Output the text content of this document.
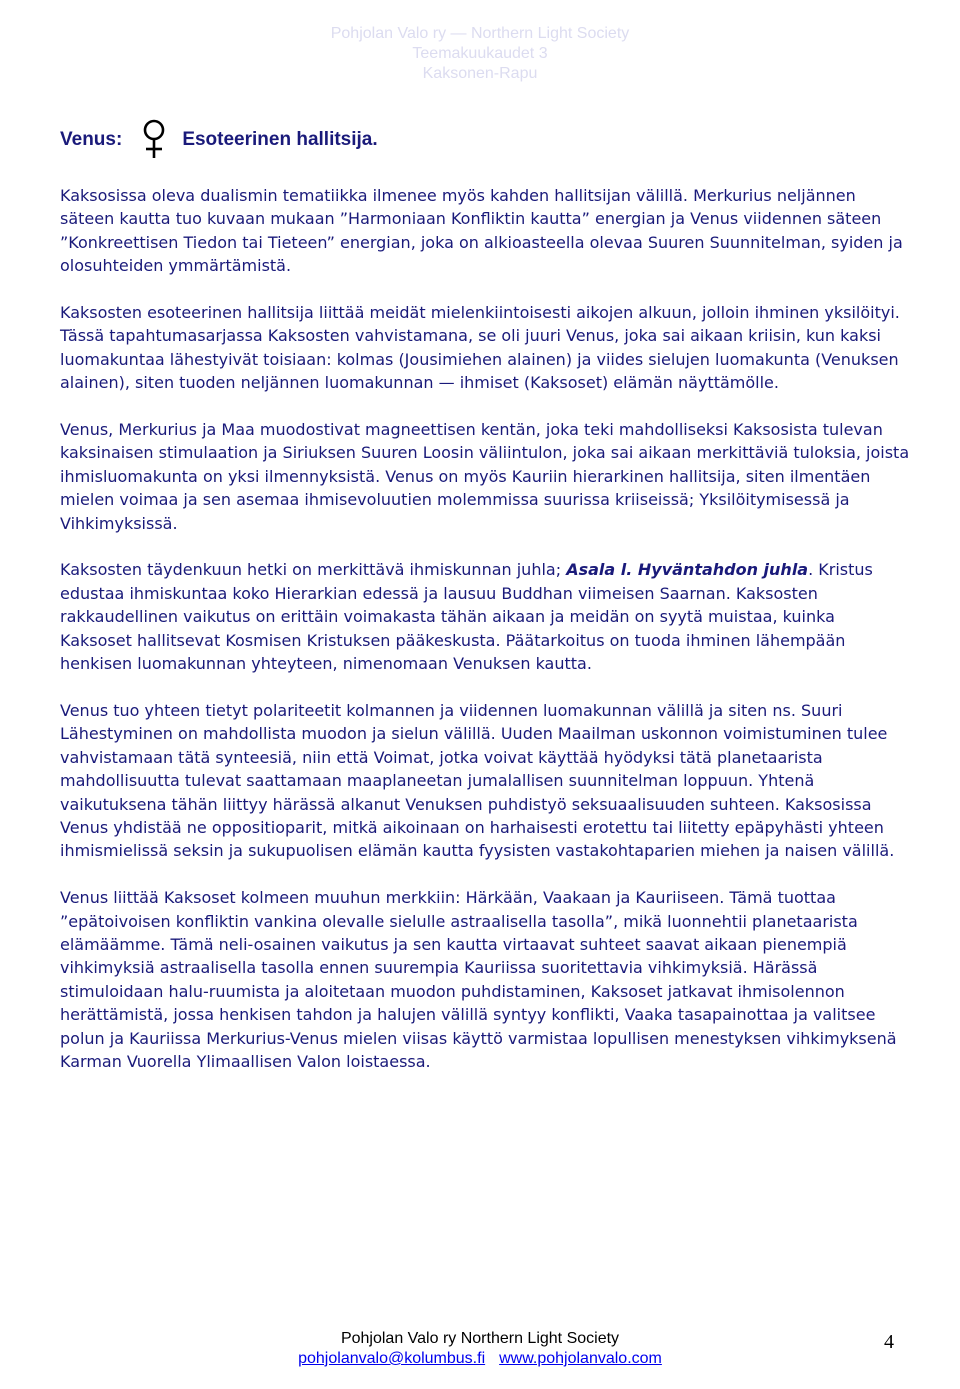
Pohjolan Valo ry — Northern Light Society
Teemakuukaudet 3
Kaksonen-Rapu
Venus:	Esoteerinen hallitsija.

Kaksosissa oleva dualismin tematiikka ilmenee myös kahden hallitsijan välillä. Merkurius neljännen säteen kautta tuo kuvaan mukaan ”Harmoniaan Konfliktin kautta” energian ja Venus viidennen säteen ”Konkreettisen Tiedon tai Tieteen” energian, joka on alkioasteella olevaa Suuren Suunnitelman, syiden ja olosuhteiden ymmärtämistä.

Kaksosten esoteerinen hallitsija liittää meidät mielenkiintoisesti aikojen alkuun, jolloin ihminen yksilöityi. Tässä tapahtumasarjassa Kaksosten vahvistamana, se oli juuri Venus, joka sai aikaan kriisin, kun kaksi luomakuntaa lähestyivät toisiaan: kolmas (Jousimiehen alainen) ja viides sielujen luomakunta (Venuksen alainen), siten tuoden neljännen luomakunnan — ihmiset (Kaksoset) elämän näyttämölle.

Venus, Merkurius ja Maa muodostivat magneettisen kentän, joka teki mahdolliseksi Kaksosista tulevan kaksinaisen stimulaation ja Siriuksen Suuren Loosin väliintulon, joka sai aikaan merkittäviä tuloksia, joista ihmisluomakunta on yksi ilmennyksistä. Venus on myös Kauriin hierarkinen hallitsija, siten ilmentäen mielen voimaa ja sen asemaa ihmisevoluutien molemmissa suurissa kriiseissä; Yksilöitymisessä ja Vihkimyksissä.

Kaksosten täydenkuun hetki on merkittävä ihmiskunnan juhla; Asala l. Hyväntahdon juhla. Kristus edustaa ihmiskuntaa koko Hierarkian edessä ja lausuu Buddhan viimeisen Saarnan. Kaksosten rakkaudellinen vaikutus on erittäin voimakasta tähän aikaan ja meidän on syytä muistaa, kuinka Kaksoset hallitsevat Kosmisen Kristuksen pääkeskusta. Päätarkoitus on tuoda ihminen lähempään henkisen luomakunnan yhteyteen, nimenomaan Venuksen kautta.

Venus tuo yhteen tietyt polariteetit kolmannen ja viidennen luomakunnan välillä ja siten ns. Suuri Lähestyminen on mahdollista muodon ja sielun välillä. Uuden Maailman uskonnon voimistuminen tulee vahvistamaan tätä synteesiä, niin että Voimat, jotka voivat käyttää hyödyksi tätä planetaarista mahdollisuutta tulevat saattamaan maaplaneetan jumalallisen suunnitelman loppuun. Yhtenä vaikutuksena tähän liittyy härässä alkanut Venuksen puhdistyö seksuaalisuuden suhteen. Kaksosissa Venus yhdistää ne oppositioparit, mitkä aikoinaan on harhaisesti erotettu tai liitetty epäpyhästi yhteen ihmismielissä seksin ja sukupuolisen elämän kautta fyysisten vastakohtaparien miehen ja naisen välillä.

Venus liittää Kaksoset kolmeen muuhun merkkiin: Härkään, Vaakaan ja Kauriiseen. Tämä tuottaa ”epätoivoisen konfliktin vankina olevalle sielulle astraalisella tasolla”, mikä luonnehtii planetaarista elämäämme. Tämä neli-osainen vaikutus ja sen kautta virtaavat suhteet saavat aikaan pienempiä vihkimyksiä astraalisella tasolla ennen suurempia Kauriissa suoritettavia vihkimyksiä. Härässä stimuloidaan halu-ruumista ja aloitetaan muodon puhdistaminen, Kaksoset jatkavat ihmisolennon herättämistä, jossa henkisen tahdon ja halujen välillä syntyy konflikti, Vaaka tasapainottaa ja valitsee polun ja Kauriissa Merkurius-Venus mielen viisas käyttö varmistaa lopullisen menestyksen vihkimyksenä Karman Vuorella Ylimaallisen Valon loistaessa.

Pohjolan Valo ry Northern Light Society
pohjolanvalo@kolumbus.fi www.pohjolanvalo.com
4
